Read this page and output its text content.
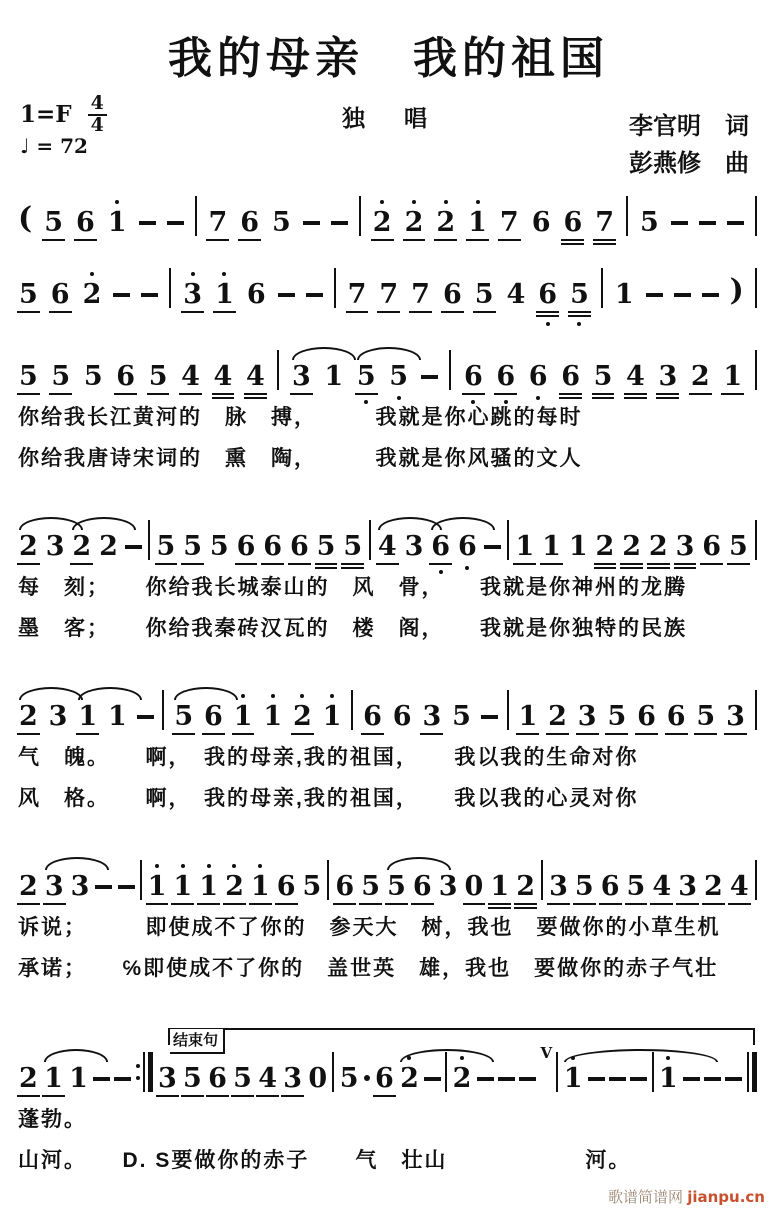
我的母亲　我的祖国
$1=F \frac{4}{4}$
♩ = 72
独　唱	李官明　词
彭燕修　曲
( 5 6 1	7 6 5	2 2 2 1 7 6 6 7 5
5 6 2	3 1 6	7 7 7 6 5 4 6 5 1	)
5 5 5 6 5 4 4 4 3 1 5 5 6 6 6 6 5 4 3 2 1
你给我长江黄河的　脉　搏，　　　我就是你心跳的每时
你给我唐诗宋词的　熏　陶，　　　我就是你风骚的文人
2 3 2 2 5 5 5 6 6 6 5 5 4 3 6 6 1 1 1 2 2 2 3 6 5
每　刻；　　你给我长城泰山的　风　骨，　　我就是你神州的龙腾
墨　客；　　你给我秦砖汉瓦的　楼　阁，　　我就是你独特的民族
2 3 1 1 5 6 1 1 2 1 6 6 3 5 1 2 3 5 6 6 5 3
气　魄。　　啊，　我的母亲,我的祖国，　　我以我的生命对你
风　格。　　啊，　我的母亲,我的祖国，　　我以我的心灵对你
2 3 3 1 1 1 2 1 6 5 6 5 5 6 3 0 1 2 3 5 6 5 4 3 2 4
诉说；　　　即使成不了你的　参天大　树，我也　要做你的小草生机
承诺；　　℅即使成不了你的　盖世英　雄，我也　要做你的赤子气壮
结束句
2 1 1	3 5 6 5 4 3 0 5 6 2 2
V
1	1
蓬勃。
山河。　　D. S要做你的赤子　　气　壮山　　　　　　河。
歌谱简谱网 jianpu.cn
